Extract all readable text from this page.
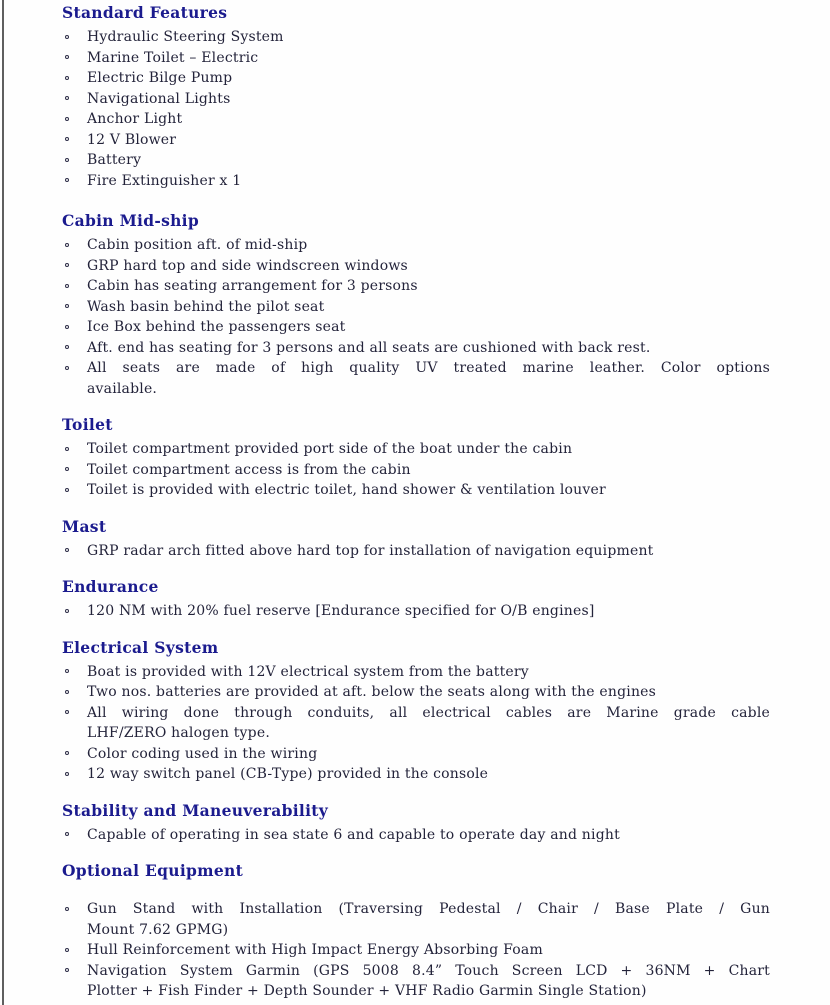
Standard Features
Hydraulic Steering System
Marine Toilet – Electric
Electric Bilge Pump
Navigational Lights
Anchor Light
12 V Blower
Battery
Fire Extinguisher x 1
Cabin Mid-ship
Cabin position aft. of mid-ship
GRP hard top and side windscreen windows
Cabin has seating arrangement for 3 persons
Wash basin behind the pilot seat
Ice Box behind the passengers seat
Aft. end has seating for 3 persons and all seats are cushioned with back rest.
All seats are made of high quality UV treated marine leather. Color options
available.
Toilet
Toilet compartment provided port side of the boat under the cabin
Toilet compartment access is from the cabin
Toilet is provided with electric toilet, hand shower & ventilation louver
Mast
GRP radar arch fitted above hard top for installation of navigation equipment
Endurance
120 NM with 20% fuel reserve [Endurance specified for O/B engines]
Electrical System
Boat is provided with 12V electrical system from the battery
Two nos. batteries are provided at aft. below the seats along with the engines
All wiring done through conduits, all electrical cables are Marine grade cable
LHF/ZERO halogen type.
Color coding used in the wiring
12 way switch panel (CB-Type) provided in the console
Stability and Maneuverability
Capable of operating in sea state 6 and capable to operate day and night
Optional Equipment
Gun Stand with Installation (Traversing Pedestal / Chair / Base Plate / Gun
Mount 7.62 GPMG)
Hull Reinforcement with High Impact Energy Absorbing Foam
Navigation System Garmin (GPS 5008 8.4” Touch Screen LCD + 36NM + Chart
Plotter + Fish Finder + Depth Sounder + VHF Radio Garmin Single Station)
